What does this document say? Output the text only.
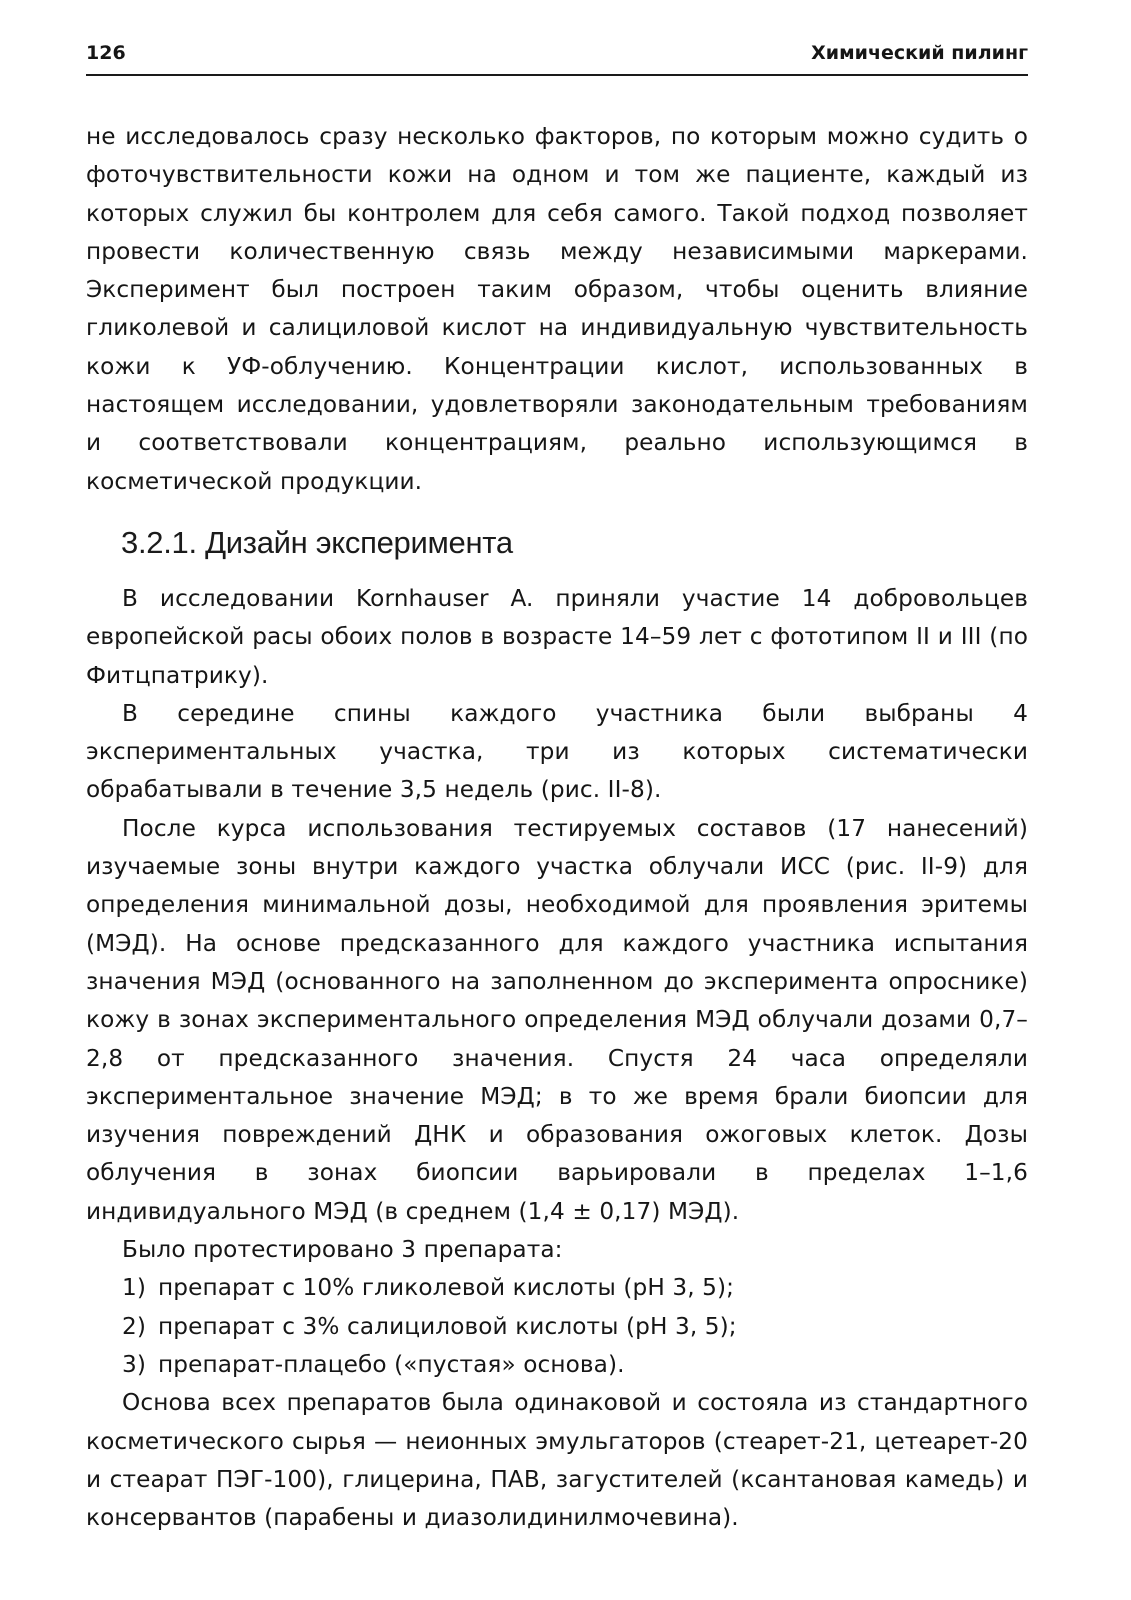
126	Химический пилинг

не исследовалось сразу несколько факторов, по которым можно судить о фоточувствительности кожи на одном и том же пациенте, каждый из которых служил бы контролем для себя самого. Такой подход позволяет провести количественную связь между независимыми маркерами. Эксперимент был построен таким образом, чтобы оценить влияние гликолевой и салициловой кислот на индивидуальную чувствительность кожи к УФ-облучению. Концентрации кислот, использованных в настоящем исследовании, удовлетворяли законодательным требованиям и соответствовали концентрациям, реально использующимся в косметической продукции.

3.2.1. Дизайн эксперимента

В исследовании Kornhauser A. приняли участие 14 добровольцев европейской расы обоих полов в возрасте 14–59 лет с фототипом II и III (по Фитцпатрику).

В середине спины каждого участника были выбраны 4 экспериментальных участка, три из которых систематически обрабатывали в течение 3,5 недель (рис. II-8).

После курса использования тестируемых составов (17 нанесений) изучаемые зоны внутри каждого участка облучали ИСС (рис. II-9) для определения минимальной дозы, необходимой для проявления эритемы (МЭД). На основе предсказанного для каждого участника испытания значения МЭД (основанного на заполненном до эксперимента опроснике) кожу в зонах экспериментального определения МЭД облучали дозами 0,7–2,8 от предсказанного значения. Спустя 24 часа определяли экспериментальное значение МЭД; в то же время брали биопсии для изучения повреждений ДНК и образования ожоговых клеток. Дозы облучения в зонах биопсии варьировали в пределах 1–1,6 индивидуального МЭД (в среднем (1,4 ± 0,17) МЭД).

Было протестировано 3 препарата:

1) препарат с 10% гликолевой кислоты (pH 3, 5);
2) препарат с 3% салициловой кислоты (pH 3, 5);
3) препарат-плацебо («пустая» основа).

Основа всех препаратов была одинаковой и состояла из стандартного косметического сырья — неионных эмульгаторов (стеарет-21, цетеарет-20 и стеарат ПЭГ-100), глицерина, ПАВ, загустителей (ксантановая камедь) и консервантов (парабены и диазолидинилмочевина).
